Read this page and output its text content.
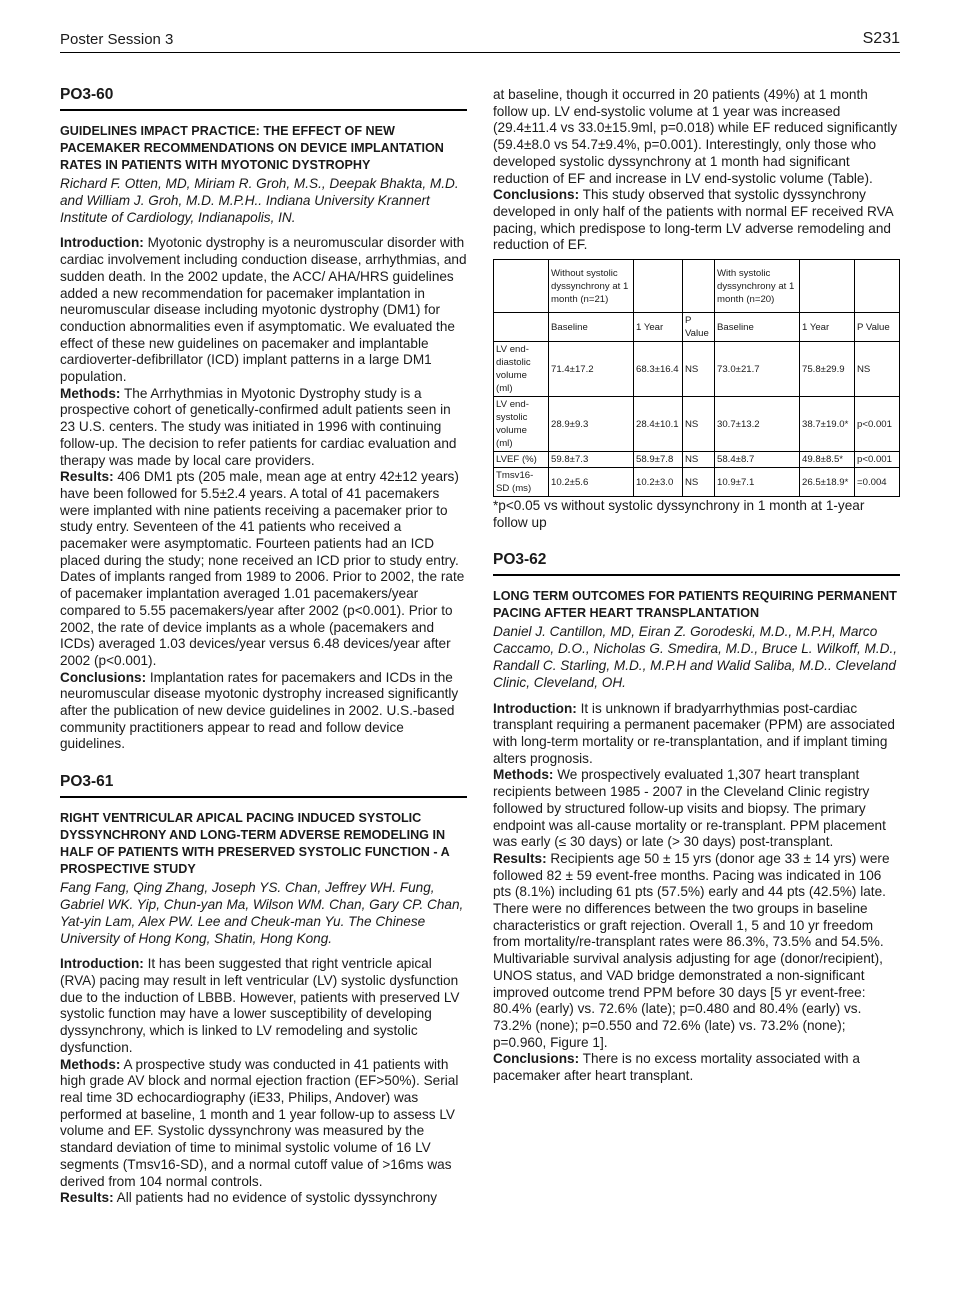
Poster Session 3	S231
PO3-60
GUIDELINES IMPACT PRACTICE: THE EFFECT OF NEW PACEMAKER RECOMMENDATIONS ON DEVICE IMPLANTATION RATES IN PATIENTS WITH MYOTONIC DYSTROPHY
Richard F. Otten, MD, Miriam R. Groh, M.S., Deepak Bhakta, M.D. and William J. Groh, M.D. M.P.H.. Indiana University Krannert Institute of Cardiology, Indianapolis, IN.

Introduction: Myotonic dystrophy is a neuromuscular disorder with cardiac involvement including conduction disease, arrhythmias, and sudden death. In the 2002 update, the ACC/ AHA/HRS guidelines added a new recommendation for pacemaker implantation in neuromuscular disease including myotonic dystrophy (DM1) for conduction abnormalities even if asymptomatic. We evaluated the effect of these new guidelines on pacemaker and implantable cardioverter-defibrillator (ICD) implant patterns in a large DM1 population.

Methods: The Arrhythmias in Myotonic Dystrophy study is a prospective cohort of genetically-confirmed adult patients seen in 23 U.S. centers. The study was initiated in 1996 with continuing follow-up. The decision to refer patients for cardiac evaluation and therapy was made by local care providers.

Results: 406 DM1 pts (205 male, mean age at entry 42±12 years) have been followed for 5.5±2.4 years. A total of 41 pacemakers were implanted with nine patients receiving a pacemaker prior to study entry. Seventeen of the 41 patients who received a pacemaker were asymptomatic. Fourteen patients had an ICD placed during the study; none received an ICD prior to study entry. Dates of implants ranged from 1989 to 2006. Prior to 2002, the rate of pacemaker implantation averaged 1.01 pacemakers/year compared to 5.55 pacemakers/year after 2002 (p<0.001). Prior to 2002, the rate of device implants as a whole (pacemakers and ICDs) averaged 1.03 devices/year versus 6.48 devices/year after 2002 (p<0.001).

Conclusions: Implantation rates for pacemakers and ICDs in the neuromuscular disease myotonic dystrophy increased significantly after the publication of new device guidelines in 2002. U.S.-based community practitioners appear to read and follow device guidelines.

PO3-61
RIGHT VENTRICULAR APICAL PACING INDUCED SYSTOLIC DYSSYNCHRONY AND LONG-TERM ADVERSE REMODELING IN HALF OF PATIENTS WITH PRESERVED SYSTOLIC FUNCTION - A PROSPECTIVE STUDY
Fang Fang, Qing Zhang, Joseph YS. Chan, Jeffrey WH. Fung, Gabriel WK. Yip, Chun-yan Ma, Wilson WM. Chan, Gary CP. Chan, Yat-yin Lam, Alex PW. Lee and Cheuk-man Yu. The Chinese University of Hong Kong, Shatin, Hong Kong.

Introduction: It has been suggested that right ventricle apical (RVA) pacing may result in left ventricular (LV) systolic dysfunction due to the induction of LBBB. However, patients with preserved LV systolic function may have a lower susceptibility of developing dyssynchrony, which is linked to LV remodeling and systolic dysfunction.

Methods: A prospective study was conducted in 41 patients with high grade AV block and normal ejection fraction (EF>50%). Serial real time 3D echocardiography (iE33, Philips, Andover) was performed at baseline, 1 month and 1 year follow-up to assess LV volume and EF. Systolic dyssynchrony was measured by the standard deviation of time to minimal systolic volume of 16 LV segments (Tmsv16-SD), and a normal cutoff value of >16ms was derived from 104 normal controls.

Results: All patients had no evidence of systolic dyssynchrony

at baseline, though it occurred in 20 patients (49%) at 1 month follow up. LV end-systolic volume at 1 year was increased (29.4±11.4 vs 33.0±15.9ml, p=0.018) while EF reduced significantly (59.4±8.0 vs 54.7±9.4%, p=0.001). Interestingly, only those who developed systolic dyssynchrony at 1 month had significant reduction of EF and increase in LV end-systolic volume (Table).

Conclusions: This study observed that systolic dyssynchrony developed in only half of the patients with normal EF received RVA pacing, which predispose to long-term LV adverse remodeling and reduction of EF.

	Without systolic dyssynchrony at 1 month (n=21)			With systolic dyssynchrony at 1 month (n=20)		
	Baseline	1 Year	P Value	Baseline	1 Year	P Value
LV end-diastolic volume (ml)	71.4±17.2	68.3±16.4	NS	73.0±21.7	75.8±29.9	NS
LV end-systolic volume (ml)	28.9±9.3	28.4±10.1	NS	30.7±13.2	38.7±19.0*	p<0.001
LVEF (%)	59.8±7.3	58.9±7.8	NS	58.4±8.7	49.8±8.5*	p<0.001
Tmsv16-SD (ms)	10.2±5.6	10.2±3.0	NS	10.9±7.1	26.5±18.9*	=0.004

*p<0.05 vs without systolic dyssynchrony in 1 month at 1-year follow up

PO3-62
LONG TERM OUTCOMES FOR PATIENTS REQUIRING PERMANENT PACING AFTER HEART TRANSPLANTATION
Daniel J. Cantillon, MD, Eiran Z. Gorodeski, M.D., M.P.H, Marco Caccamo, D.O., Nicholas G. Smedira, M.D., Bruce L. Wilkoff, M.D., Randall C. Starling, M.D., M.P.H and Walid Saliba, M.D.. Cleveland Clinic, Cleveland, OH.

Introduction: It is unknown if bradyarrhythmias post-cardiac transplant requiring a permanent pacemaker (PPM) are associated with long-term mortality or re-transplantation, and if implant timing alters prognosis.

Methods: We prospectively evaluated 1,307 heart transplant recipients between 1985 - 2007 in the Cleveland Clinic registry followed by structured follow-up visits and biopsy. The primary endpoint was all-cause mortality or re-transplant. PPM placement was early (≤ 30 days) or late (> 30 days) post-transplant.

Results: Recipients age 50 ± 15 yrs (donor age 33 ± 14 yrs) were followed 82 ± 59 event-free months. Pacing was indicated in 106 pts (8.1%) including 61 pts (57.5%) early and 44 pts (42.5%) late. There were no differences between the two groups in baseline characteristics or graft rejection. Overall 1, 5 and 10 yr freedom from mortality/re-transplant rates were 86.3%, 73.5% and 54.5%. Multivariable survival analysis adjusting for age (donor/recipient), UNOS status, and VAD bridge demonstrated a non-significant improved outcome trend PPM before 30 days [5 yr event-free: 80.4% (early) vs. 72.6% (late); p=0.480 and 80.4% (early) vs. 73.2% (none); p=0.550 and 72.6% (late) vs. 73.2% (none); p=0.960, Figure 1].

Conclusions: There is no excess mortality associated with a pacemaker after heart transplant.
